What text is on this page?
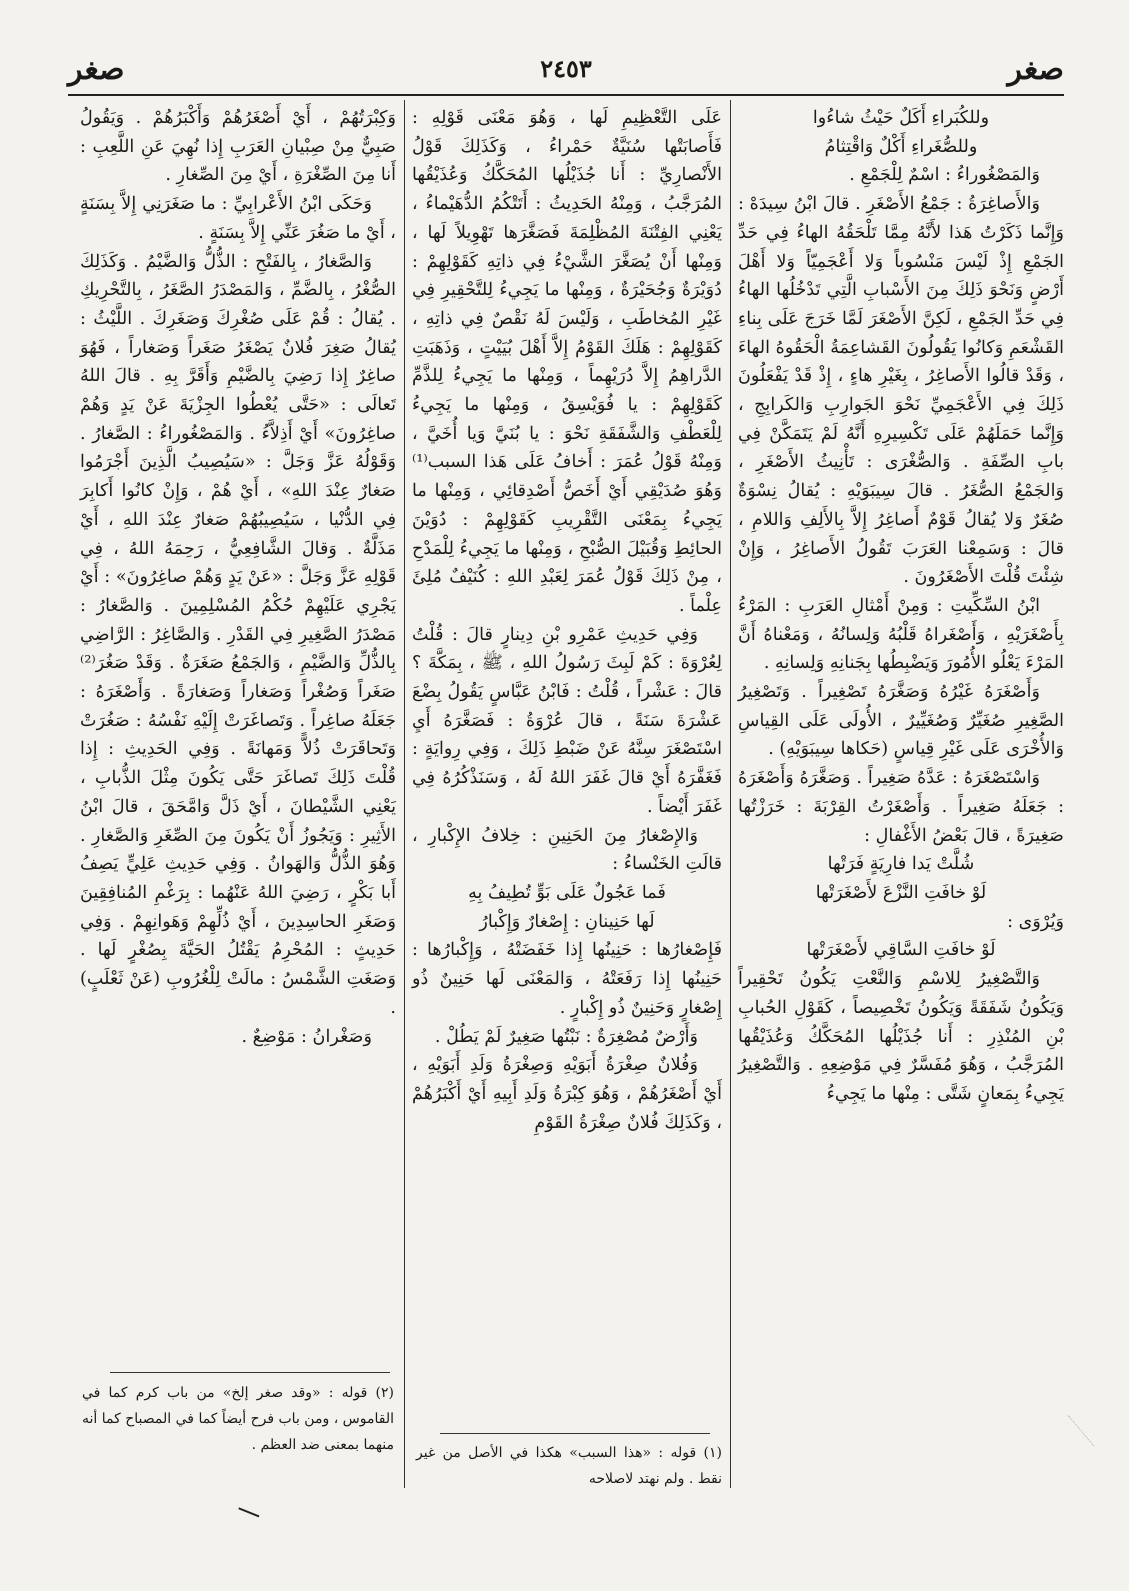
صغر
٢٤٥٣
صغر

وللكُبَراءِ أَكَلٌ حَيْثُ شاءُوا

وللصُّغَراءِ أَكْلٌ وَاقْتِثامُ

وَالمَصْغُوراءُ : اسْمٌ لِلْجَمْعِ .

وَالأَصاغِرَةُ : جَمْعُ الأَصْغَرِ . قالَ ابْنُ سِيدَهْ : وَإِنَّما ذَكَرْتُ هَذا لأَنَّهُ مِمَّا تَلْحَقُهُ الهاءُ فِي حَدِّ الجَمْعِ إِذْ لَيْسَ مَنْسُوباً وَلا أَعْجَمِيّاً وَلا أَهْلَ أَرْضٍ وَنَحْوَ ذَلِكَ مِنَ الأَسْبابِ الَّتِي تَدْخُلُها الهاءُ فِي حَدِّ الجَمْعِ ، لَكِنَّ الأَصْغَرَ لَمَّا خَرَجَ عَلَى بِناءِ القَشْعَمِ وَكانُوا يَقُولُونَ القَشاعِمَةُ الْحَقُوهُ الهاءَ ، وَقَدْ قالُوا الأَصاغِرُ ، بِغَيْرِ هاءٍ ، إِذْ قَدْ يَفْعَلُونَ ذَلِكَ فِي الأَعْجَمِيِّ نَحْوَ الجَوارِبِ وَالكَرابِجِ ، وَإِنَّما حَمَلَهُمْ عَلَى تَكْسِيرِهِ أَنَّهُ لَمْ يَتَمَكَّنْ فِي بابِ الصِّفَةِ . وَالصُّغْرَى : تَأْنِيثُ الأَصْغَرِ ، وَالجَمْعُ الصُّغَرُ . قالَ سِيبَوَيْهِ : يُقالُ نِسْوَةٌ صُغَرٌ وَلا يُقالُ قَوْمٌ أَصاغِرُ إِلاَّ بِالأَلِفِ وَاللامِ ، قالَ : وَسَمِعْنا العَرَبَ تَقُولُ الأَصاغِرُ ، وَإِنْ شِئْتَ قُلْتَ الأَصْغَرُونَ .

ابْنُ السِّكِّيتِ : وَمِنْ أَمْثالِ العَرَبِ : المَرْءُ بِأَصْغَرَيْهِ ، وَأَصْغَراهُ قَلْبُهُ وَلِسانُهُ ، وَمَعْناهُ أَنَّ المَرْءَ يَعْلُو الأُمُورَ وَيَضْبِطُها بِجَنانِهِ وَلِسانِهِ .

وَأَصْغَرَهُ غَيْرُهُ وَصَغَّرَهُ تَصْغِيراً . وَتَصْغِيرُ الصَّغِيرِ صُغَيِّرٌ وَصُغَيِّيرٌ ، الأُولَى عَلَى القِياسِ وَالأُخْرَى عَلَى غَيْرِ قِياسٍ (حَكاها سِيبَوَيْهِ) .

وَاسْتَصْغَرَهُ : عَدَّهُ صَغِيراً . وَصَغَّرَهُ وَأَصْغَرَهُ : جَعَلَهُ صَغِيراً . وَأَصْغَرْتُ القِرْبَةَ : خَرَزْتُها صَغِيرَةً ، قالَ بَعْضُ الأَغْفالِ :

شُلَّتْ يَدا فارِيَةٍ فَرَتْها

لَوْ خافَتِ النَّزْعَ لأَصْغَرَتْها

وَيُرْوَى :

لَوْ خافَتِ السَّاقِي لأَصْغَرَتْها

وَالتَّصْغِيرُ لِلاسْمِ وَالنَّعْتِ يَكُونُ تَحْقِيراً وَيَكُونُ شَفَقَةً وَيَكُونُ تَخْصِيصاً ، كَقَوْلِ الحُبابِ بْنِ المُنْذِرِ : أَنا جُذَيْلُها المُحَكَّكُ وَعُذَيْقُها المُرَجَّبُ ، وَهُوَ مُفَسَّرٌ فِي مَوْضِعِهِ . وَالتَّصْغِيرُ يَجِيءُ بِمَعانٍ شَتَّى : مِنْها ما يَجِيءُ

عَلَى التَّعْظِيمِ لَها ، وَهُوَ مَعْنَى قَوْلِهِ : فَأَصابَتْها سُنَيَّةٌ حَمْراءُ ، وَكَذَلِكَ قَوْلُ الأَنْصارِيِّ : أَنا جُذَيْلُها المُحَكَّكُ وَعُذَيْقُها المُرَجَّبُ ، وَمِنْهُ الحَدِيثُ : أَتَتْكُمُ الدُّهَيْماءُ ، يَعْنِي الفِتْنَةَ المُظْلِمَةَ فَصَغَّرَها تَهْوِيلاً لَها ، وَمِنْها أَنْ يُصَغَّرَ الشَّيْءُ فِي ذاتِهِ كَقَوْلِهِمْ : دُوَيْرَةٌ وَجُحَيْرَةٌ ، وَمِنْها ما يَجِيءُ لِلتَّحْقِيرِ فِي غَيْرِ المُخاطَبِ ، وَلَيْسَ لَهُ نَقْصٌ فِي ذاتِهِ ، كَقَوْلِهِمْ : هَلَكَ القَوْمُ إِلاَّ أَهْلَ بُيَيْتٍ ، وَذَهَبَتِ الدَّراهِمُ إِلاَّ دُرَيْهِماً ، وَمِنْها ما يَجِيءُ لِلذَّمِّ كَقَوْلِهِمْ : يا فُوَيْسِقُ ، وَمِنْها ما يَجِيءُ لِلْعَطْفِ وَالشَّفَقَةِ نَحْوَ : يا بُنَيَّ وَيا أُخَيَّ ، وَمِنْهُ قَوْلُ عُمَرَ : أَخافُ عَلَى هَذا السبب⁽¹⁾ وَهُوَ صُدَيْقِي أَيْ أَخَصُّ أَصْدِقائِي ، وَمِنْها ما يَجِيءُ بِمَعْنَى التَّقْرِيبِ كَقَوْلِهِمْ : دُوَيْنَ الحائِطِ وَقُبَيْلَ الصُّبْحِ ، وَمِنْها ما يَجِيءُ لِلْمَدْحِ ، مِنْ ذَلِكَ قَوْلُ عُمَرَ لِعَبْدِ اللهِ : كُنَيْفٌ مُلِئَ عِلْماً .

وَفِي حَدِيثِ عَمْرِو بْنِ دِينارٍ قالَ : قُلْتُ لِعُرْوَةَ : كَمْ لَبِثَ رَسُولُ اللهِ ، ﷺ ، بِمَكَّةَ ؟ قالَ : عَشْراً ، قُلْتُ : فَابْنُ عَبَّاسٍ يَقُولُ بِضْعَ عَشْرَةَ سَنَةً ، قالَ عُرْوَةُ : فَصَغَّرَهُ أَيِ اسْتَصْغَرَ سِنَّهُ عَنْ ضَبْطِ ذَلِكَ ، وَفِي رِوايَةٍ : فَغَفَّرَهُ أَيْ قالَ غَفَرَ اللهُ لَهُ ، وَسَنَذْكُرُهُ فِي غَفَرَ أَيْضاً .

وَالإِصْغارُ مِنَ الحَنِينِ : خِلافُ الإِكْبارِ ، قالَتِ الخَنْساءُ :

فَما عَجُولٌ عَلَى بَوٍّ تُطِيفُ بِهِ

لَها حَنِينانِ : إِصْغارٌ وَإِكْبارُ

فَإِصْغارُها : حَنِينُها إِذا خَفَضَتْهُ ، وَإِكْبارُها : حَنِينُها إِذا رَفَعَتْهُ ، وَالمَعْنَى لَها حَنِينٌ ذُو إِصْغارٍ وَحَنِينٌ ذُو إِكْبارٍ .

وَأَرْضٌ مُصْغِرَةٌ : نَبْتُها صَغِيرٌ لَمْ يَطُلْ .

وَفُلانٌ صِغْرَةُ أَبَوَيْهِ وَصِغْرَةُ وَلَدِ أَبَوَيْهِ ، أَيْ أَصْغَرُهُمْ ، وَهُوَ كِبْرَةُ وَلَدِ أَبِيهِ أَيْ أَكْبَرُهُمْ ، وَكَذَلِكَ فُلانٌ صِغْرَةُ القَوْمِ

(١) قوله : «هذا السبب» هكذا في الأصل من غير نقط . ولم نهتد لاصلاحه

وَكِبْرَتُهُمْ ، أَيْ أَصْغَرُهُمْ وَأَكْبَرُهُمْ . وَيَقُولُ صَبِيٌّ مِنْ صِبْيانِ العَرَبِ إِذا نُهِيَ عَنِ اللَّعِبِ : أَنا مِنَ الصِّغْرَةِ ، أَيْ مِنَ الصِّغارِ .

وَحَكَى ابْنُ الأَعْرابِيِّ : ما صَغَرَنِي إِلاَّ بِسَنَةٍ ، أَيْ ما صَغُرَ عَنِّي إِلاَّ بِسَنَةٍ .

وَالصَّغارُ ، بِالفَتْحِ : الذُّلُّ وَالضَّيْمُ . وَكَذَلِكَ الصُّغْرُ ، بِالضَّمِّ ، وَالمَصْدَرُ الصَّغَرُ ، بِالتَّحْرِيكِ . يُقالُ : قُمْ عَلَى صُغْرِكَ وَصَغَرِكَ . اللَّيْثُ : يُقالُ صَغِرَ فُلانٌ يَصْغَرُ صَغَراً وَصَغاراً ، فَهُوَ صاغِرٌ إِذا رَضِيَ بِالضَّيْمِ وَأَقَرَّ بِهِ . قالَ اللهُ تَعالَى : «حَتَّى يُعْطُوا الجِزْيَةَ عَنْ يَدٍ وَهُمْ صاغِرُونَ» أَيْ أَذِلاَّءُ . وَالمَصْغُوراءُ : الصَّغارُ . وَقَوْلُهُ عَزَّ وَجَلَّ : «سَيُصِيبُ الَّذِينَ أَجْرَمُوا صَغارٌ عِنْدَ اللهِ» ، أَيْ هُمْ ، وَإِنْ كانُوا أَكابِرَ فِي الدُّنْيا ، سَيُصِيبُهُمْ صَغارٌ عِنْدَ اللهِ ، أَيْ مَذَلَّةٌ . وَقالَ الشَّافِعِيُّ ، رَحِمَهُ اللهُ ، فِي قَوْلِهِ عَزَّ وَجَلَّ : «عَنْ يَدٍ وَهُمْ صاغِرُونَ» : أَيْ يَجْرِي عَلَيْهِمْ حُكْمُ المُسْلِمِينَ . وَالصَّغارُ : مَصْدَرُ الصَّغِيرِ فِي القَدْرِ . وَالصَّاغِرُ : الرَّاضِي بِالذُّلِّ وَالضَّيْمِ ، وَالجَمْعُ صَغَرَةٌ . وَقَدْ صَغُرَ⁽²⁾ صَغَراً وَصُغْراً وَصَغاراً وَصَغارَةً . وَأَصْغَرَهُ : جَعَلَهُ صاغِراً . وَتَصاغَرَتْ إِلَيْهِ نَفْسُهُ : صَغُرَتْ وَتَحاقَرَتْ ذُلاًّ وَمَهانَةً . وَفِي الحَدِيثِ : إِذا قُلْتَ ذَلِكَ تَصاغَرَ حَتَّى يَكُونَ مِثْلَ الذُّبابِ ، يَعْنِي الشَّيْطانَ ، أَيْ ذَلَّ وَامَّحَقَ ، قالَ ابْنُ الأَثِيرِ : وَيَجُوزُ أَنْ يَكُونَ مِنَ الصِّغَرِ وَالصَّغارِ . وَهُوَ الذُّلُّ وَالهَوانُ . وَفِي حَدِيثِ عَلِيٍّ يَصِفُ أَبا بَكْرٍ ، رَضِيَ اللهُ عَنْهُما : بِرَغْمِ المُنافِقِينَ وَصَغَرِ الحاسِدِينَ ، أَيْ ذُلِّهِمْ وَهَوانِهِمْ . وَفِي حَدِيثٍ : المُحْرِمُ يَقْتُلُ الحَيَّةَ بِصُغْرٍ لَها . وَصَغَتِ الشَّمْسُ : مالَتْ لِلْغُرُوبِ (عَنْ ثَعْلَبٍ) .

وَصَغْرانُ : مَوْضِعٌ .

(٢) قوله : «وقد صغر إلخ» من باب كرم كما في القاموس ، ومن باب فرح أيضاً كما في المصباح كما أنه منهما بمعنى ضد العظم .
